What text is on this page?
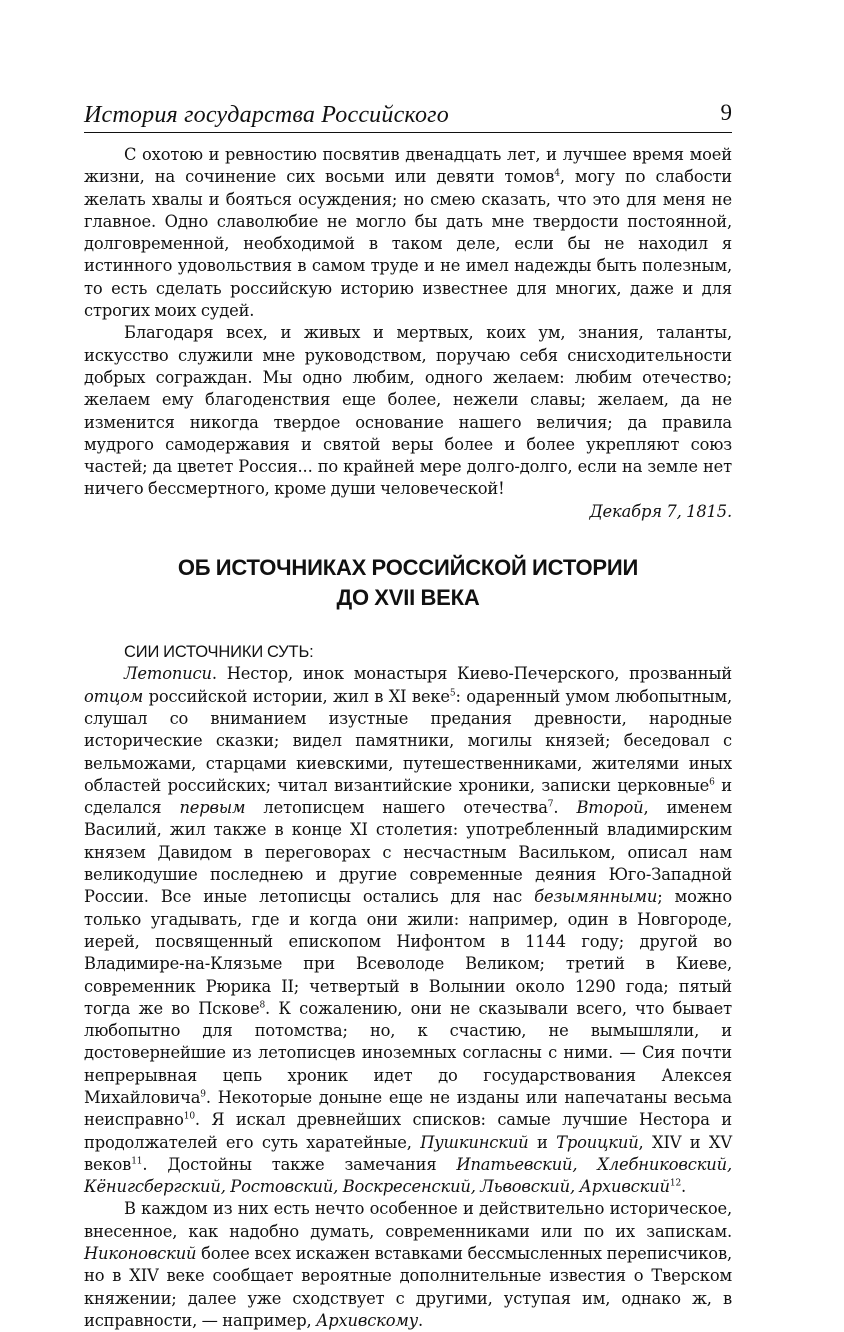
История государства Российского	9

С охотою и ревностию посвятив двенадцать лет, и лучшее время моей жизни, на сочинение сих восьми или девяти томов$^4$, могу по слабости желать хвалы и бояться осуждения; но смею сказать, что это для меня не главное. Одно славолюбие не могло бы дать мне твердости постоянной, долговременной, необходимой в таком деле, если бы не находил я истинного удовольствия в самом труде и не имел надежды быть полезным, то есть сделать российскую историю известнее для многих, даже и для строгих моих судей.

Благодаря всех, и живых и мертвых, коих ум, знания, таланты, искусство служили мне руководством, поручаю себя снисходительности добрых сограждан. Мы одно любим, одного желаем: любим отечество; желаем ему благоденствия еще более, нежели славы; желаем, да не изменится никогда твердое основание нашего величия; да правила мудрого самодержавия и святой веры более и более укрепляют союз частей; да цветет Россия... по крайней мере долго-долго, если на земле нет ничего бессмертного, кроме души человеческой!

Декабря 7, 1815.

ОБ ИСТОЧНИКАХ РОССИЙСКОЙ ИСТОРИИ
ДО XVII ВЕКА

СИИ ИСТОЧНИКИ СУТЬ:

Летописи. Нестор, инок монастыря Киево-Печерского, прозванный отцом российской истории, жил в XI веке$^5$: одаренный умом любопытным, слушал со вниманием изустные предания древности, народные исторические сказки; видел памятники, могилы князей; беседовал с вельможами, старцами киевскими, путешественниками, жителями иных областей российских; читал византийские хроники, записки церковные$^6$ и сделался первым летописцем нашего отечества$^7$. Второй, именем Василий, жил также в конце XI столетия: употребленный владимирским князем Давидом в переговорах с несчастным Васильком, описал нам великодушие последнею и другие современные деяния Юго-Западной России. Все иные летописцы остались для нас безымянными; можно только угадывать, где и когда они жили: например, один в Новгороде, иерей, посвященный епископом Нифонтом в 1144 году; другой во Владимире-на-Клязьме при Всеволоде Великом; третий в Киеве, современник Рюрика II; четвертый в Волынии около 1290 года; пятый тогда же во Пскове$^8$. К сожалению, они не сказывали всего, что бывает любопытно для потомства; но, к счастию, не вымышляли, и достовернейшие из летописцев иноземных согласны с ними. — Сия почти непрерывная цепь хроник идет до государствования Алексея Михайловича$^9$. Некоторые доныне еще не изданы или напечатаны весьма неисправно$^{10}$. Я искал древнейших списков: самые лучшие Нестора и продолжателей его суть харатейные, Пушкинский и Троицкий, XIV и XV веков$^{11}$. Достойны также замечания Ипатьевский, Хлебниковский, Кёнигсбергский, Ростовский, Воскресенский, Львовский, Архивский$^{12}$.

В каждом из них есть нечто особенное и действительно историческое, внесенное, как надобно думать, современниками или по их запискам. Никоновский более всех искажен вставками бессмысленных переписчиков, но в XIV веке сообщает вероятные дополнительные известия о Тверском княжении; далее уже сходствует с другими, уступая им, однако ж, в исправности, — например, Архивскому.
